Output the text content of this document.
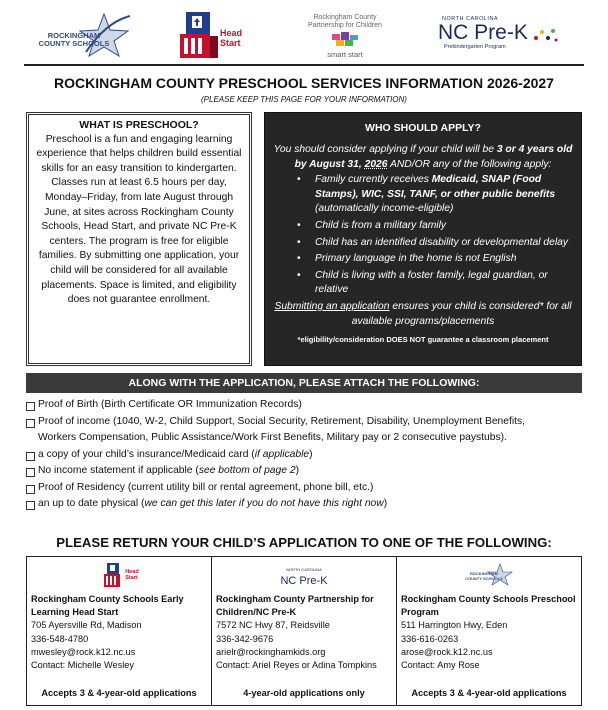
ROCKINGHAM COUNTY SCHOOLS
Head
Start
Rockingham County
Partnership for Children
smart start
NORTH CAROLINA
NC Pre-K
Prekindergarten Program
ROCKINGHAM COUNTY PRESCHOOL SERVICES INFORMATION 2026-2027
(PLEASE KEEP THIS PAGE FOR YOUR INFORMATION)
WHAT IS PRESCHOOL?
Preschool is a fun and engaging learning experience that helps children build essential skills for an easy transition to kindergarten. Classes run at least 6.5 hours per day, Monday–Friday, from late August through June, at sites across Rockingham County Schools, Head Start, and private NC Pre-K centers. The program is free for eligible families. By submitting one application, your child will be considered for all available placements. Space is limited, and eligibility does not guarantee enrollment.
WHO SHOULD APPLY?
You should consider applying if your child will be 3 or 4 years old by August 31, 2026 AND/OR any of the following apply:
• Family currently receives Medicaid, SNAP (Food Stamps), WIC, SSI, TANF, or other public benefits (automatically income-eligible)
• Child is from a military family
• Child has an identified disability or developmental delay
• Primary language in the home is not English
• Child is living with a foster family, legal guardian, or relative
Submitting an application ensures your child is considered* for all available programs/placements
*eligibility/consideration DOES NOT guarantee a classroom placement
ALONG WITH THE APPLICATION, PLEASE ATTACH THE FOLLOWING:
Proof of Birth (Birth Certificate OR Immunization Records)
Proof of income (1040, W-2, Child Support, Social Security, Retirement, Disability, Unemployment Benefits,
Workers Compensation, Public Assistance/Work First Benefits, Military pay or 2 consecutive paystubs).
a copy of your child’s insurance/Medicaid card (if applicable)
No income statement if applicable (see bottom of page 2)
Proof of Residency (current utility bill or rental agreement, phone bill, etc.)
an up to date physical (we can get this later if you do not have this right now)
PLEASE RETURN YOUR CHILD’S APPLICATION TO ONE OF THE FOLLOWING:
Head
Start
Rockingham County Schools Early Learning Head Start
705 Ayersville Rd, Madison
336-548-4780
mwesley@rock.k12.nc.us
Contact: Michelle Wesley
Accepts 3 & 4-year-old applications
NORTH CAROLINA
NC Pre-K
Rockingham County Partnership for Children/NC Pre-K
7572 NC Hwy 87, Reidsville
336-342-9676
arielr@rockinghamkids.org
Contact: Ariel Reyes or Adina Tompkins
4-year-old applications only
ROCKINGHAM COUNTY SCHOOLS
Rockingham County Schools Preschool Program
511 Harrington Hwy, Eden
336-616-0263
arose@rock.k12.nc.us
Contact: Amy Rose
Accepts 3 & 4-year-old applications
